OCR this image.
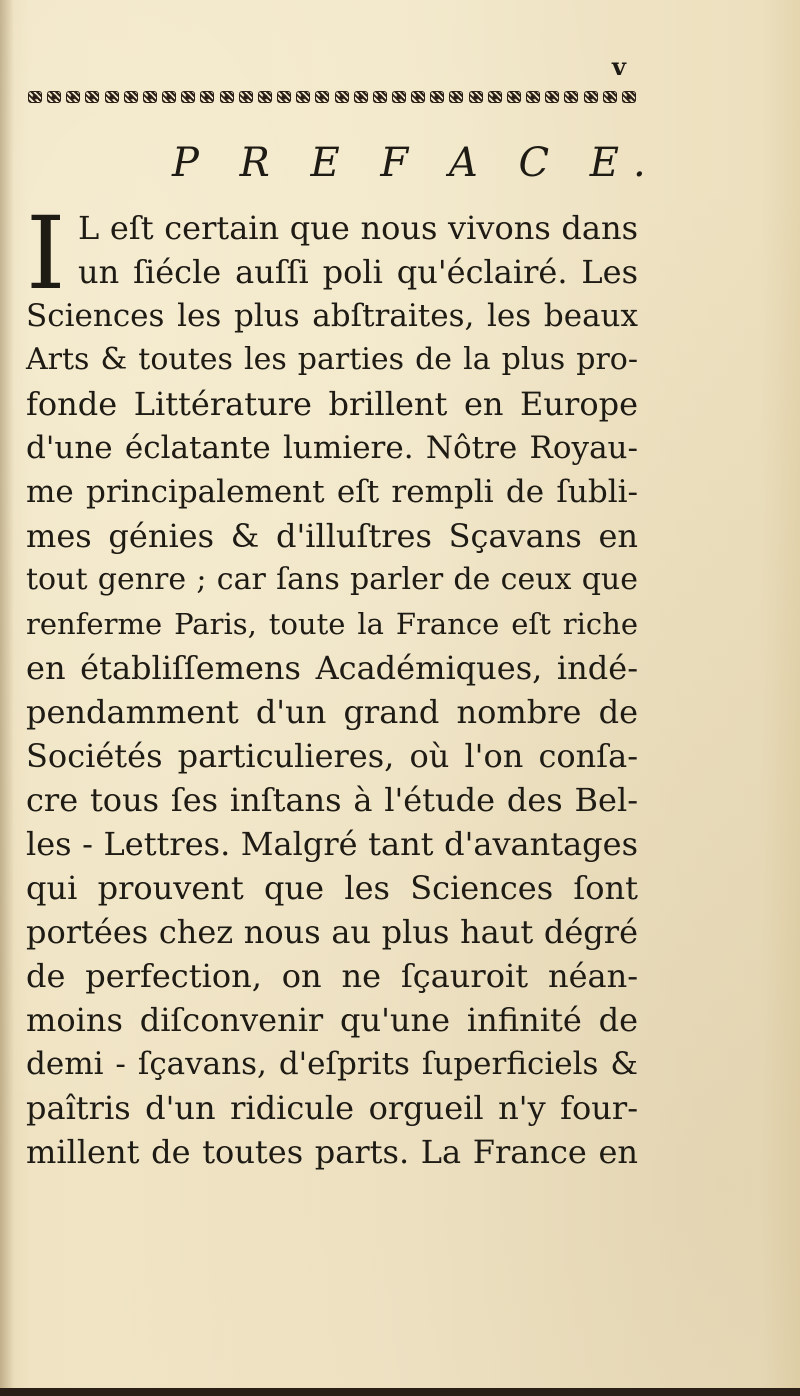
v
P R E F A C E.
I L eſt certain que nous vivons dans
un ſiécle auſſi poli qu'éclairé. Les
Sciences les plus abſtraites, les beaux
Arts & toutes les parties de la plus pro-
fonde Littérature brillent en Europe
d'une éclatante lumiere. Nôtre Royau-
me principalement eſt rempli de ſubli-
mes génies & d'illuſtres Sçavans en
tout genre ; car ſans parler de ceux que
renferme Paris, toute la France eſt riche
en établiſſemens Académiques, indé-
pendamment d'un grand nombre de
Sociétés particulieres, où l'on conſa-
cre tous ſes inſtans à l'étude des Bel-
les - Lettres. Malgré tant d'avantages
qui prouvent que les Sciences ſont
portées chez nous au plus haut dégré
de perfection, on ne ſçauroit néan-
moins diſconvenir qu'une infinité de
demi - ſçavans, d'eſprits ſuperficiels &
paîtris d'un ridicule orgueil n'y four-
millent de toutes parts. La France en
